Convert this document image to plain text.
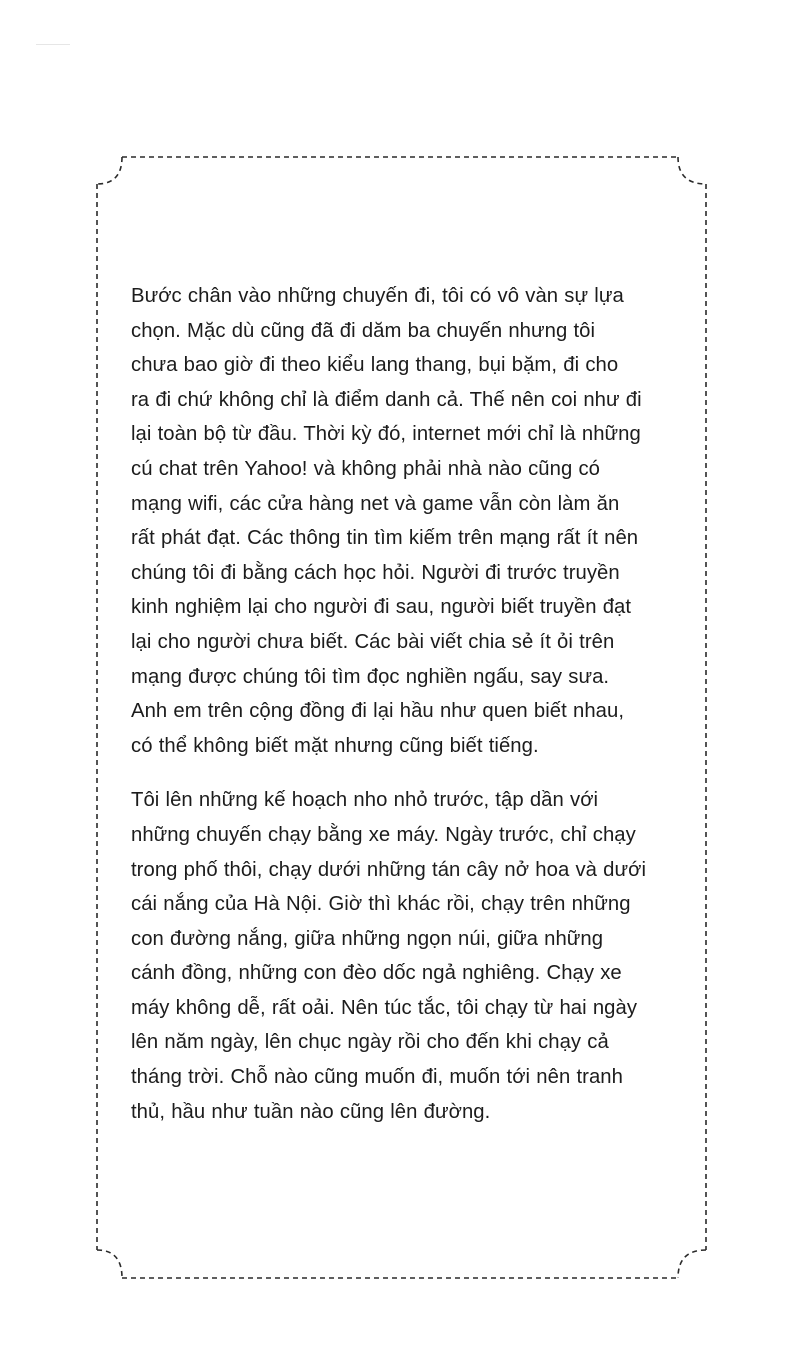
Bước chân vào những chuyến đi, tôi có vô vàn sự lựa
chọn. Mặc dù cũng đã đi dăm ba chuyến nhưng tôi
chưa bao giờ đi theo kiểu lang thang, bụi bặm, đi cho
ra đi chứ không chỉ là điểm danh cả. Thế nên coi như đi
lại toàn bộ từ đầu. Thời kỳ đó, internet mới chỉ là những
cú chat trên Yahoo! và không phải nhà nào cũng có
mạng wifi, các cửa hàng net và game vẫn còn làm ăn
rất phát đạt. Các thông tin tìm kiếm trên mạng rất ít nên
chúng tôi đi bằng cách học hỏi. Người đi trước truyền
kinh nghiệm lại cho người đi sau, người biết truyền đạt
lại cho người chưa biết. Các bài viết chia sẻ ít ỏi trên
mạng được chúng tôi tìm đọc nghiền ngấu, say sưa.
Anh em trên cộng đồng đi lại hầu như quen biết nhau,
có thể không biết mặt nhưng cũng biết tiếng.

Tôi lên những kế hoạch nho nhỏ trước, tập dần với
những chuyến chạy bằng xe máy. Ngày trước, chỉ chạy
trong phố thôi, chạy dưới những tán cây nở hoa và dưới
cái nắng của Hà Nội. Giờ thì khác rồi, chạy trên những
con đường nắng, giữa những ngọn núi, giữa những
cánh đồng, những con đèo dốc ngả nghiêng. Chạy xe
máy không dễ, rất oải. Nên túc tắc, tôi chạy từ hai ngày
lên năm ngày, lên chục ngày rồi cho đến khi chạy cả
tháng trời. Chỗ nào cũng muốn đi, muốn tới nên tranh
thủ, hầu như tuần nào cũng lên đường.
